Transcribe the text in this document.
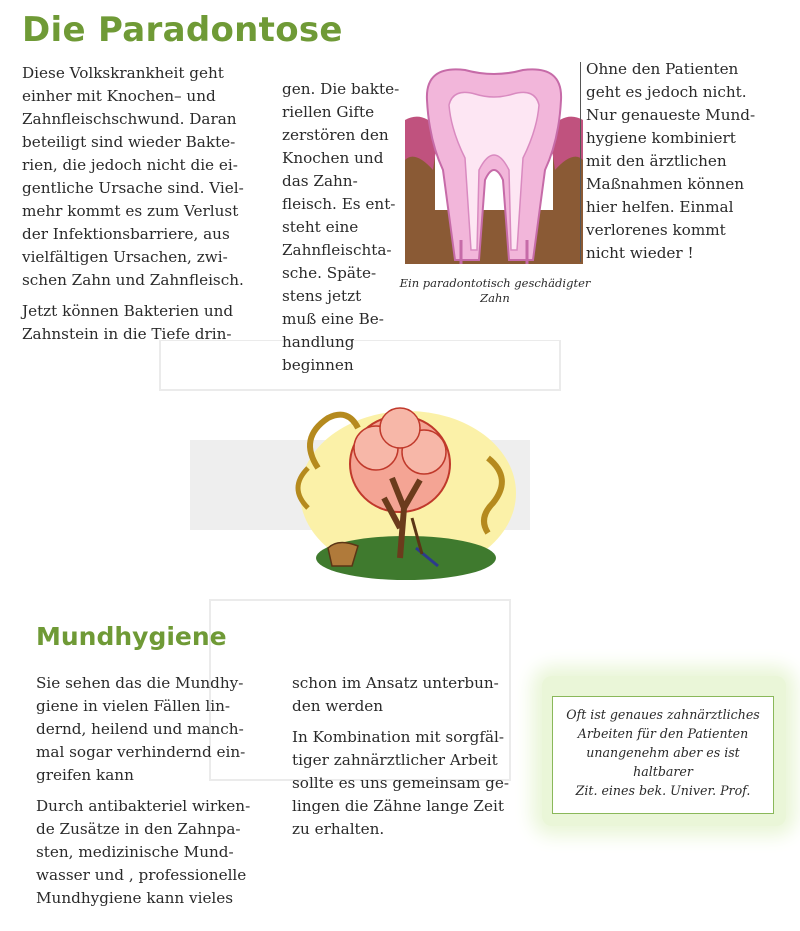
Die Paradontose

Diese Volkskrankheit geht
einher mit Knochen– und
Zahnfleischschwund. Daran
beteiligt sind wieder Bakte-
rien, die jedoch nicht die ei-
gentliche Ursache sind. Viel-
mehr kommt es zum Verlust
der Infektionsbarriere, aus
vielfältigen Ursachen, zwi-
schen Zahn und Zahnfleisch.

Jetzt können Bakterien und
Zahnstein in die Tiefe drin-

gen. Die bakte-
riellen Gifte
zerstören den
Knochen und
das Zahn-
fleisch. Es ent-
steht eine
Zahnfleischta-
sche. Späte-
stens jetzt
muß eine Be-
handlung beginnen

Ein paradontotisch geschädigter
Zahn

Ohne den Patienten
geht es jedoch nicht.
Nur genaueste Mund-
hygiene kombiniert
mit den ärztlichen
Maßnahmen können
hier helfen. Einmal
verlorenes kommt
nicht wieder !

Mundhygiene

Sie sehen das die Mundhy-
giene in vielen Fällen lin-
dernd, heilend und manch-
mal sogar verhindernd ein-
greifen kann

Durch antibakteriel wirken-
de Zusätze in den Zahnpa-
sten, medizinische Mund-
wasser und , professionelle
Mundhygiene kann vieles

schon im Ansatz unterbun-
den werden

In Kombination mit sorgfäl-
tiger zahnärztlicher Arbeit
sollte es uns gemeinsam ge-
lingen die Zähne lange Zeit
zu erhalten.

Oft ist genaues zahnärztliches
Arbeiten für den Patienten
unangenehm aber es ist
haltbarer
Zit. eines bek. Univer. Prof.
